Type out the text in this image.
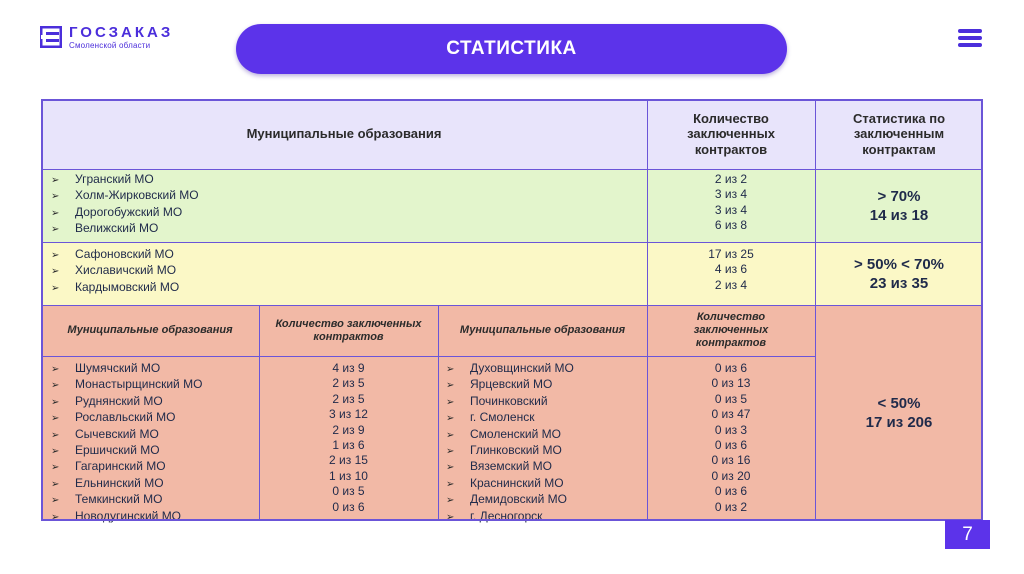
ГОСЗАКАЗ
Смоленской области	СТАТИСТИКА
Муниципальные образования
Количество заключенных контрактов
Статистика по заключенным контрактам
➢ Угранский МО
➢ Холм-Жирковский МО
➢ Дорогобужский МО
➢ Велижский МО
2 из 2
3 из 4
3 из 4
6 из 8
> 70%
14 из 18
➢ Сафоновский МО
➢ Хиславичский МО
➢ Кардымовский МО
17 из 25
4 из 6
2 из 4
> 50% < 70%
23 из 35
Муниципальные образования
Количество заключенных контрактов
Муниципальные образования
Количество заключенных контрактов
➢ Шумячский МО
➢ Монастырщинский МО
➢ Руднянский МО
➢ Рославльский МО
➢ Сычевский МО
➢ Ершичский МО
➢ Гагаринский МО
➢ Ельнинский МО
➢ Темкинский МО
➢ Новодугинский МО
4 из 9
2 из 5
2 из 5
3 из 12
2 из 9
1 из 6
2 из 15
1 из 10
0 из 5
0 из 6
➢ Духовщинский МО
➢ Ярцевский МО
➢ Починковский
➢ г. Смоленск
➢ Смоленский МО
➢ Глинковский МО
➢ Вяземский МО
➢ Краснинский МО
➢ Демидовский МО
➢ г. Десногорск
0 из 6
0 из 13
0 из 5
0 из 47
0 из 3
0 из 6
0 из 16
0 из 20
0 из 6
0 из 2
< 50%
17 из 206
7
